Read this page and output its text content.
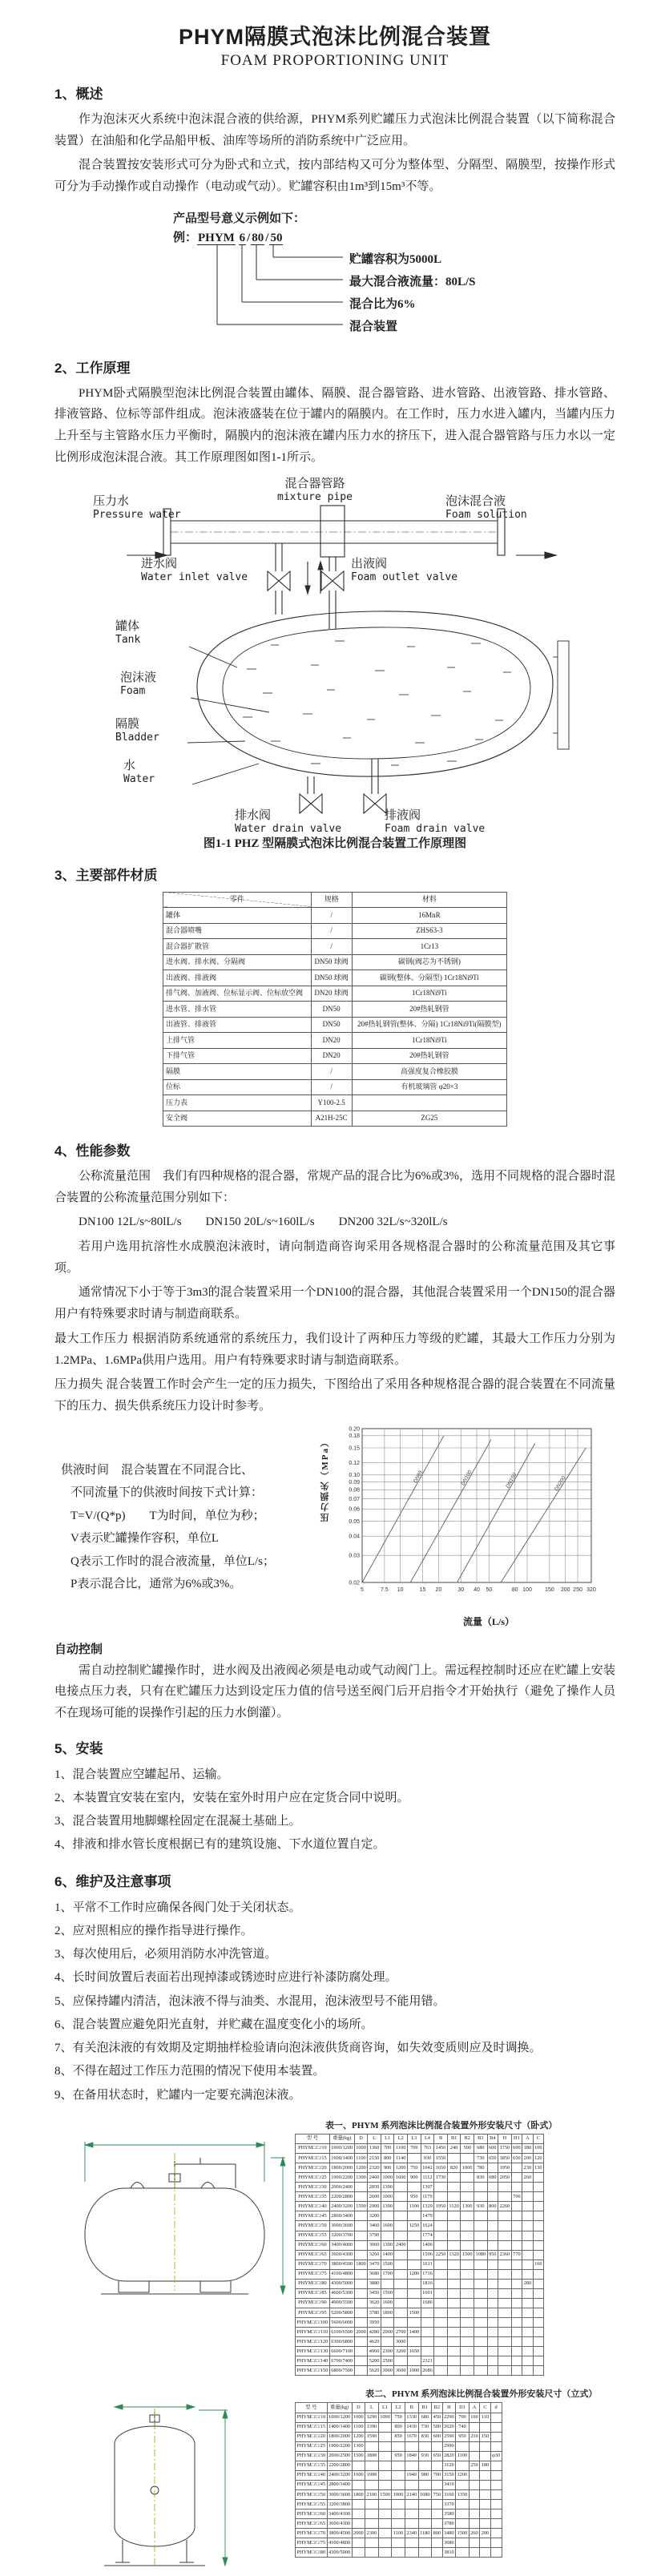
PHYM隔膜式泡沫比例混合装置
FOAM PROPORTIONING UNIT
1、概述

作为泡沫灭火系统中泡沫混合液的供给源，PHYM系列贮罐压力式泡沫比例混合装置（以下简称混合装置）在油船和化学品船甲板、油库等场所的消防系统中广泛应用。

混合装置按安装形式可分为卧式和立式，按内部结构又可分为整体型、分隔型、隔膜型，按操作形式可分为手动操作或自动操作（电动或气动）。贮罐容积由1m³到15m³不等。

产品型号意义示例如下：
例：PHYM 6 / 80 / 50
贮罐容积为5000L
最大混合液流量：80L/S
混合比为6%
混合装置
2、工作原理

PHYM卧式隔膜型泡沫比例混合装置由罐体、隔膜、混合器管路、进水管路、出液管路、排水管路、排液管路、位标等部件组成。泡沫液盛装在位于罐内的隔膜内。在工作时，压力水进入罐内，当罐内压力上升至与主管路水压力平衡时，隔膜内的泡沫液在罐内压力水的挤压下，进入混合器管路与压力水以一定比例形成泡沫混合液。其工作原理图如图1-1所示。

混合器管路
mixture pipe
压力水
Pressure water
泡沫混合液
Foam solution
进水阀
Water inlet valve
出液阀
Foam outlet valve
罐体
Tank
泡沫液
Foam
隔膜
Bladder
水
Water
排水阀
Water drain valve
排液阀
Foam drain valve
图1-1 PHZ 型隔膜式泡沫比例混合装置工作原理图
3、主要部件材质
零件	规格	材料
罐体	/	16MnR
混合器喷嘴	/	ZHS63-3
混合器扩散管	/	1Cr13
进水阀、排水阀、分隔阀	DN50 球阀	碳钢(阀芯为不锈钢)
出液阀、排液阀	DN50 球阀	碳钢(整体、分隔型) 1Cr18Ni9Ti
排气阀、加液阀、位标显示阀、位标放空阀	DN20 球阀	1Cr18Ni9Ti
进水管、排水管	DN50	20#热轧钢管
出液管、排液管	DN50	20#热轧钢管(整体、分隔) 1Cr18Ni9Ti(隔膜型)
上排气管	DN20	1Cr18Ni9Ti
下排气管	DN20	20#热轧钢管
隔膜	/	高强度复合橡胶膜
位标	/	有机玻璃管 φ20×3
压力表	Y100-2.5	
安全阀	A21H-25C	ZG25
4、性能参数

公称流量范围　我们有四种规格的混合器，常规产品的混合比为6%或3%，选用不同规格的混合器时混合装置的公称流量范围分别如下：

DN100 12L/s~80lL/s　　DN150 20L/s~160lL/s　　DN200 32L/s~320lL/s

若用户选用抗溶性水成膜泡沫液时，请向制造商咨询采用各规格混合器时的公称流量范围及其它事项。

通常情况下小于等于3m3的混合装置采用一个DN100的混合器，其他混合装置采用一个DN150的混合器用户有特殊要求时请与制造商联系。

最大工作压力 根据消防系统通常的系统压力，我们设计了两种压力等级的贮罐，其最大工作压力分别为1.2MPa、1.6MPa供用户选用。用户有特殊要求时请与制造商联系。

压力损失 混合装置工作时会产生一定的压力损失，下图给出了采用各种规格混合器的混合装置在不同流量下的压力、损失供系统压力设计时参考。

供液时间　混合装置在不同混合比、
不同流量下的供液时间按下式计算：
T=V/(Q*p)　　T为时间，单位为秒；
V表示贮罐操作容积，单位L
Q表示工作时的混合液流量，单位L/s；
P表示混合比，通常为6%或3%。
压力损失（MPa）
5	7.5 10	15 20	30 40 50	80 100 150 200 250 320
0.02
0.03
0.04
0.05
0.06
0.07
0.08
0.09
0.10
0.12
0.15
0.18
0.20
DN65	DN100	DN150	DN200
流量（L/s）
自动控制

需自动控制贮罐操作时，进水阀及出液阀必须是电动或气动阀门上。需远程控制时还应在贮罐上安装电接点压力表，只有在贮罐压力达到设定压力值的信号送至阀门后开启指令才开始执行（避免了操作人员不在现场可能的误操作引起的压力水倒灌）。

5、安装
1、混合装置应空罐起吊、运输。
2、本装置宜安装在室内，安装在室外时用户应在定货合同中说明。
3、混合装置用地脚螺栓固定在混凝土基础上。
4、排液和排水管长度根据已有的建筑设施、下水道位置自定。
6、维护及注意事项
1、平常不工作时应确保各阀门处于关闭状态。
2、应对照相应的操作指导进行操作。
3、每次使用后，必须用消防水冲洗管道。
4、长时间放置后表面若出现掉漆或锈迹时应进行补漆防腐处理。
5、应保持罐内清洁，泡沫液不得与油类、水混用，泡沫液型号不能用错。
6、混合装置应避免阳光直射，并贮藏在温度变化小的场所。
7、有关泡沫液的有效期及定期抽样检验请向泡沫液供货商咨询，如失效变质则应及时调换。
8、不得在超过工作压力范围的情况下使用本装置。
9、在备用状态时，贮罐内一定要充满泡沫液。
表一、PHYM 系列泡沫比例混合装置外形安装尺寸（卧式）
型 号	重量(kg)	D	L	L1	L2	L3	L4	B	B1	B2	B3	B4	H	H1	A	C
PHYM□/□/10	1000/1200	1000	1360	700	1100	700	763	1450	240	500	680	600	1750	600	180	100
PHYM□/□/15	1600/1400	1100	2150	800	1140		930	1550			730	650	1850	650	200	120
PHYM□/□/20	1800/2000	1200	2320	900	1200	750	1042	1650	820	1000	780		1950		230	130
PHYM□/□/25	1900/2200	1300	2460	1000	1600	900	1112	1730			830	680	2050		260	
PHYM□/□/30	2000/2400		2850	1300			1307									
PHYM□/□/35	2200/2800		2600	1000		950	1179							700		
PHYM□/□/40	2400/3200	1500	2900	1300		1100	1329	1950	1120	1300	930	800	2260			
PHYM□/□/45	2800/3400		3200				1479									
PHYM□/□/50	3000/3600		3460	1600		1250	1624									
PHYM□/□/55	3200/3700		3790				1774									
PHYM□/□/60	3400/4000		3060	1300	2400		1406									
PHYM□/□/65	3600/4300		3260	1400			1506	2250	1320	1500	1080	950	2360	770		
PHYM□/□/70	3800/4500	1800	3470	1500			1611									160
PHYM□/□/75	4100/4800		3680	1700		1200	1716									
PHYM□/□/80	4300/5000		3880				1816								280	
PHYM□/□/85	4600/5300		3450	1500			1601									
PHYM□/□/90	4900/5500		3620	1600			1686									
PHYM□/□/95	5200/5800		3780	1800		1500										
PHYM□/□/100	5600/6000		3950													
PHYM□/□/110	6100/6500	2000	4280	2000	2700	1400										
PHYM□/□/120	6300/6800		4620		3000											
PHYM□/□/130	6600/7100		4960	2300	3200	1650										
PHYM□/□/140	6700/7400		5200	2500			2321									
PHYM□/□/150	6800/7500		5620	3000	3600	1900	2686									
表二、PHYM 系列泡沫比例混合装置外形安装尺寸（立式）
型 号	重量(kg)	D	L	L1	L2	B	B1	B2	H	D1	A	C	d
PHYM□/□/10	1000/1200	1000	1290	1000	750	1330	680	450	2290	700	160	110	
PHYM□/□/15	1400/1400	1100	1390		800	1430	730	500	2620	740			
PHYM□/□/20	1800/2000	1200	1590		850	1670	830	600	2590	950	210	150	
PHYM□/□/25	1900/2200	1300							2990				
PHYM□/□/30	2000/2500	1500	1800		950	1840	930	650	2820	1100			φ30
PHYM□/□/35	2200/2800								3120		250	180	
PHYM□/□/40	2400/3200	1600	1900			1940	980	700	3150	1200			
PHYM□/□/45	2800/3400								3410				
PHYM□/□/50	3000/3600	1800	2100	1500	1000	2140	1080	750	3160	1350			
PHYM□/□/55	3200/3800								3370				
PHYM□/□/60	3400/4100								3580				
PHYM□/□/65	3600/4300								3780				
PHYM□/□/70	3800/4500	2000	2300		1100	2340	1180	800	3480	1500	260	200	
PHYM□/□/75	4100/4800								3680				
PHYM□/□/80	4300/5000								3810				
